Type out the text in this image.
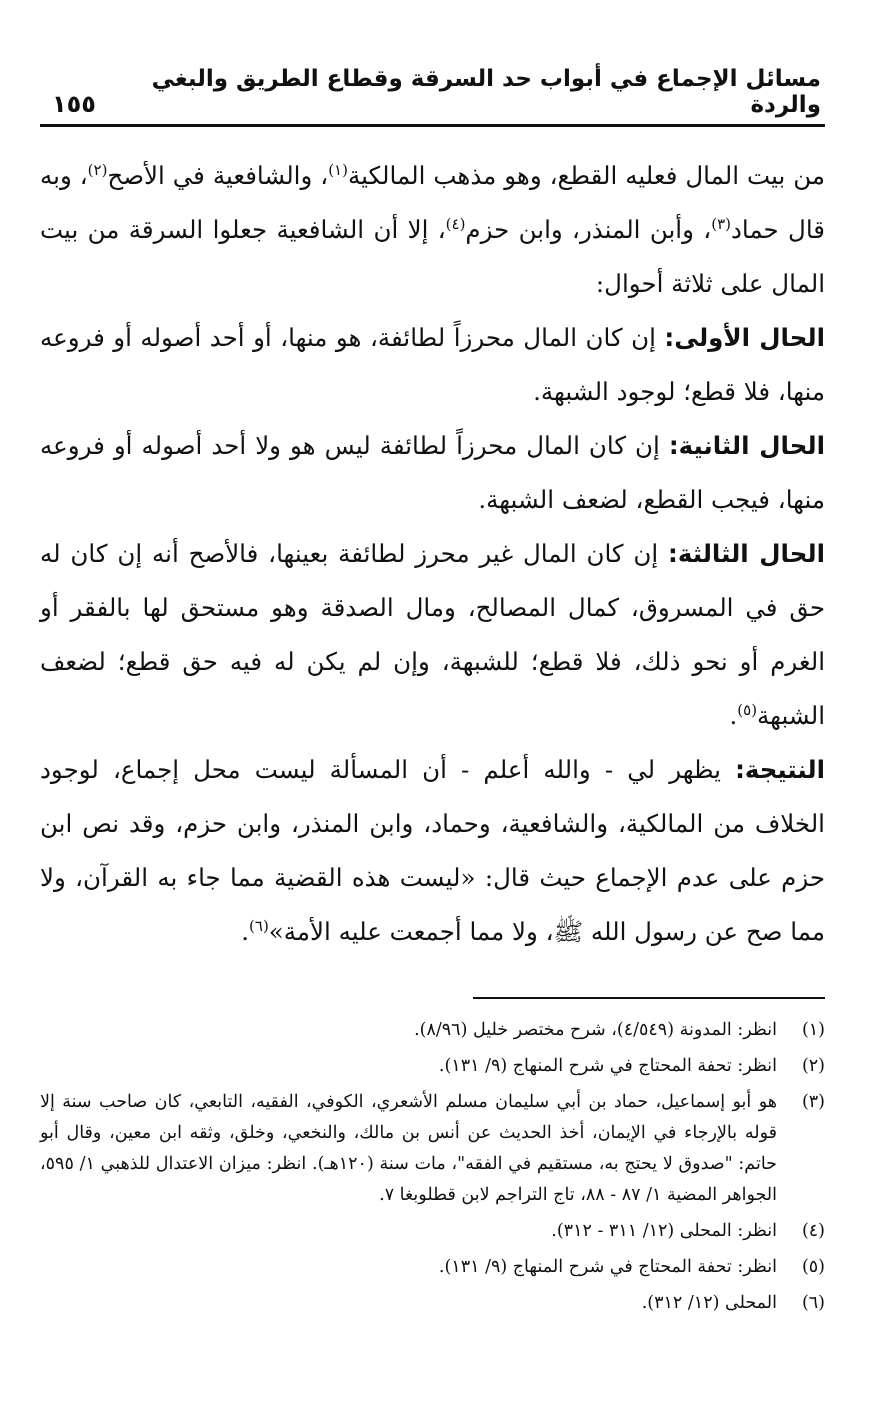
مسائل الإجماع في أبواب حد السرقة وقطاع الطريق والبغي والردة
١٥٥

من بيت المال فعليه القطع، وهو مذهب المالكية$^{(١)}$، والشافعية في الأصح$^{(٢)}$، وبه قال حماد$^{(٣)}$، وأبن المنذر، وابن حزم$^{(٤)}$، إلا أن الشافعية جعلوا السرقة من بيت المال على ثلاثة أحوال:

الحال الأولى: إن كان المال محرزاً لطائفة، هو منها، أو أحد أصوله أو فروعه منها، فلا قطع؛ لوجود الشبهة.

الحال الثانية: إن كان المال محرزاً لطائفة ليس هو ولا أحد أصوله أو فروعه منها، فيجب القطع، لضعف الشبهة.

الحال الثالثة: إن كان المال غير محرز لطائفة بعينها، فالأصح أنه إن كان له حق في المسروق، كمال المصالح، ومال الصدقة وهو مستحق لها بالفقر أو الغرم أو نحو ذلك، فلا قطع؛ للشبهة، وإن لم يكن له فيه حق قطع؛ لضعف الشبهة$^{(٥)}$.

النتيجة: يظهر لي - والله أعلم - أن المسألة ليست محل إجماع، لوجود الخلاف من المالكية، والشافعية، وحماد، وابن المنذر، وابن حزم، وقد نص ابن حزم على عدم الإجماع حيث قال: «ليست هذه القضية مما جاء به القرآن، ولا مما صح عن رسول الله ﷺ، ولا مما أجمعت عليه الأمة»$^{(٦)}$.

(١)
انظر: المدونة (٤/٥٤٩)، شرح مختصر خليل (٨/٩٦).
(٢)
انظر: تحفة المحتاج في شرح المنهاج (٩/ ١٣١).
(٣)
هو أبو إسماعيل، حماد بن أبي سليمان مسلم الأشعري، الكوفي، الفقيه، التابعي، كان صاحب سنة إلا قوله بالإرجاء في الإيمان، أخذ الحديث عن أنس بن مالك، والنخعي، وخلق، وثقه ابن معين، وقال أبو حاتم: "صدوق لا يحتج به، مستقيم في الفقه"، مات سنة (١٢٠هـ). انظر: ميزان الاعتدال للذهبي ١/ ٥٩٥، الجواهر المضية ١/ ٨٧ - ٨٨، تاج التراجم لابن قطلوبغا ٧.
(٤)
انظر: المحلى (١٢/ ٣١١ - ٣١٢).
(٥)
انظر: تحفة المحتاج في شرح المنهاج (٩/ ١٣١).
(٦)
المحلى (١٢/ ٣١٢).
